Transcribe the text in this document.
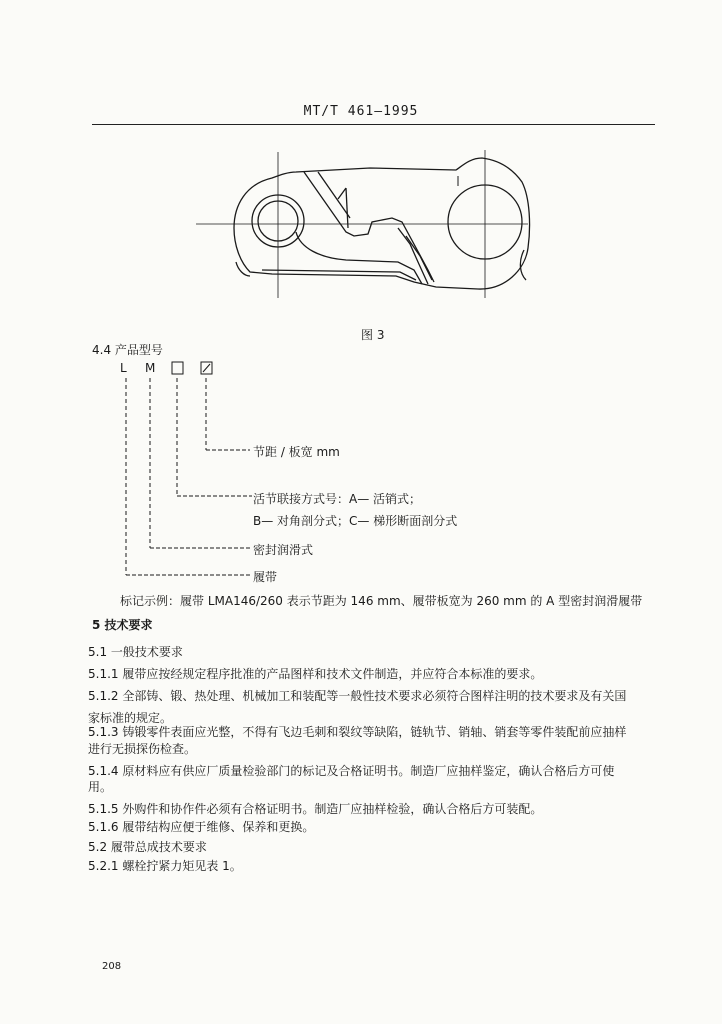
MT/T 461—1995
图 3
4.4 产品型号
L M
节距 / 板宽 mm
活节联接方式号：A— 活销式；
B— 对角剖分式；C— 梯形断面剖分式
密封润滑式
履带
标记示例：履带 LMA146/260 表示节距为 146 mm、履带板宽为 260 mm 的 A 型密封润滑履带
5 技术要求
5.1 一般技术要求
5.1.1 履带应按经规定程序批准的产品图样和技术文件制造，并应符合本标准的要求。
5.1.2 全部铸、锻、热处理、机械加工和装配等一般性技术要求必须符合图样注明的技术要求及有关国
家标准的规定。
5.1.3 铸锻零件表面应光整，不得有飞边毛刺和裂纹等缺陷，链轨节、销轴、销套等零件装配前应抽样
进行无损探伤检查。
5.1.4 原材料应有供应厂质量检验部门的标记及合格证明书。制造厂应抽样鉴定，确认合格后方可使
用。
5.1.5 外购件和协作件必须有合格证明书。制造厂应抽样检验，确认合格后方可装配。
5.1.6 履带结构应便于维修、保养和更换。
5.2 履带总成技术要求
5.2.1 螺栓拧紧力矩见表 1。
208
